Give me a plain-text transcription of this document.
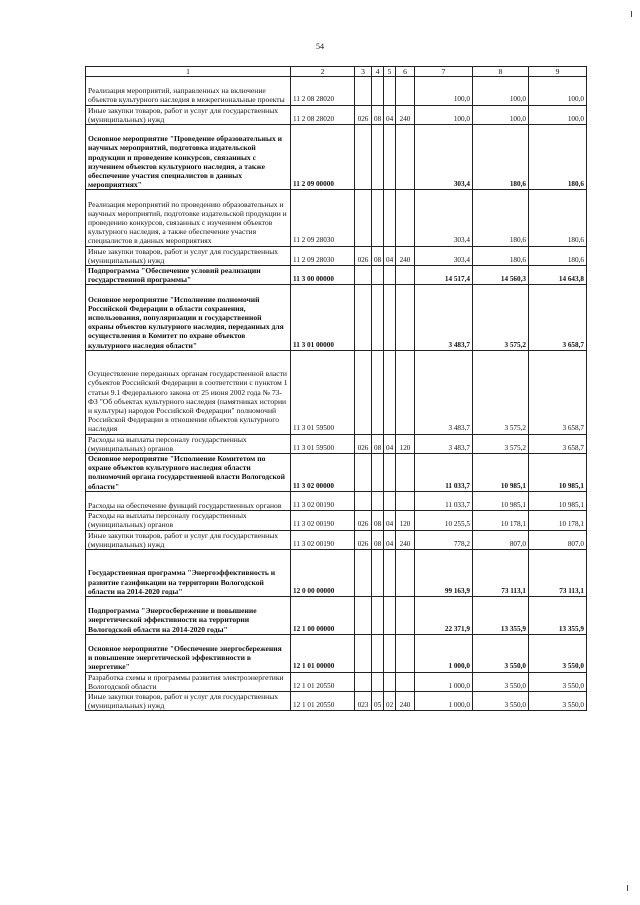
54
1	2	3	4	5	6	7	8	9
Реализация мероприятий, направленных на включение объектов культурного наследия в межрегиональные проекты	11 2 08 28020					100,0	100,0	100,0
Иные закупки товаров, работ и услуг для государственных (муниципальных) нужд	11 2 08 28020	026	08	04	240	100,0	100,0	100,0
Основное мероприятие "Проведение образовательных и научных мероприятий, подготовка издательской продукции и проведение конкурсов, связанных с изучением объектов культурного наследия, а также обеспечение участия специалистов в данных мероприятиях"	11 2 09 00000					303,4	180,6	180,6
Реализация мероприятий по проведению образовательных и научных мероприятий, подготовке издательской продукции и проведению конкурсов, связанных с изучением объектов культурного наследия, а также обеспечение участия специалистов в данных мероприятиях	11 2 09 28030					303,4	180,6	180,6
Иные закупки товаров, работ и услуг для государственных (муниципальных) нужд	11 2 09 28030	026	08	04	240	303,4	180,6	180,6
Подпрограмма "Обеспечение условий реализации государственной программы"	11 3 00 00000					14 517,4	14 560,3	14 643,8
Основное мероприятие "Исполнение полномочий Российской Федерации в области сохранения, использования, популяризации и государственной охраны объектов культурного наследия, переданных для осуществления в Комитет по охране объектов культурного наследия области"	11 3 01 00000					3 483,7	3 575,2	3 658,7
Осуществление переданных органам государственной власти субъектов Российской Федерации в соответствии с пунктом 1 статьи 9.1 Федерального закона от 25 июня 2002 года № 73-ФЗ "Об объектах культурного наследия (памятниках истории и культуры) народов Российской Федерации" полномочий Российской Федерации в отношении объектов культурного наследия	11 3 01 59500					3 483,7	3 575,2	3 658,7
Расходы на выплаты персоналу государственных (муниципальных) органов	11 3 01 59500	026	08	04	120	3 483,7	3 575,2	3 658,7
Основное мероприятие "Исполнение Комитетом по охране объектов культурного наследия области полномочий органа государственной власти Вологодской области"	11 3 02 00000					11 033,7	10 985,1	10 985,1
Расходы на обеспечение функций государственных органов	11 3 02 00190					11 033,7	10 985,1	10 985,1
Расходы на выплаты персоналу государственных (муниципальных) органов	11 3 02 00190	026	08	04	120	10 255,5	10 178,1	10 178,1
Иные закупки товаров, работ и услуг для государственных (муниципальных) нужд	11 3 02 00190	026	08	04	240	778,2	807,0	807,0
Государственная программа "Энергоэффективность и развитие газификации на территории Вологодской области на 2014-2020 годы"	12 0 00 00000					99 163,9	73 113,1	73 113,1
Подпрограмма "Энергосбережение и повышение энергетической эффективности на территории Вологодской области на 2014-2020 годы"	12 1 00 00000					22 371,9	13 355,9	13 355,9
Основное мероприятие "Обеспечение энергосбережения и повышение энергетической эффективности в энергетике"	12 1 01 00000					1 000,0	3 550,0	3 550,0
Разработка схемы и программы развития электроэнергетики Вологодской области	12 1 01 20550					1 000,0	3 550,0	3 550,0
Иные закупки товаров, работ и услуг для государственных (муниципальных) нужд	12 1 01 20550	023	05	02	240	1 000,0	3 550,0	3 550,0
